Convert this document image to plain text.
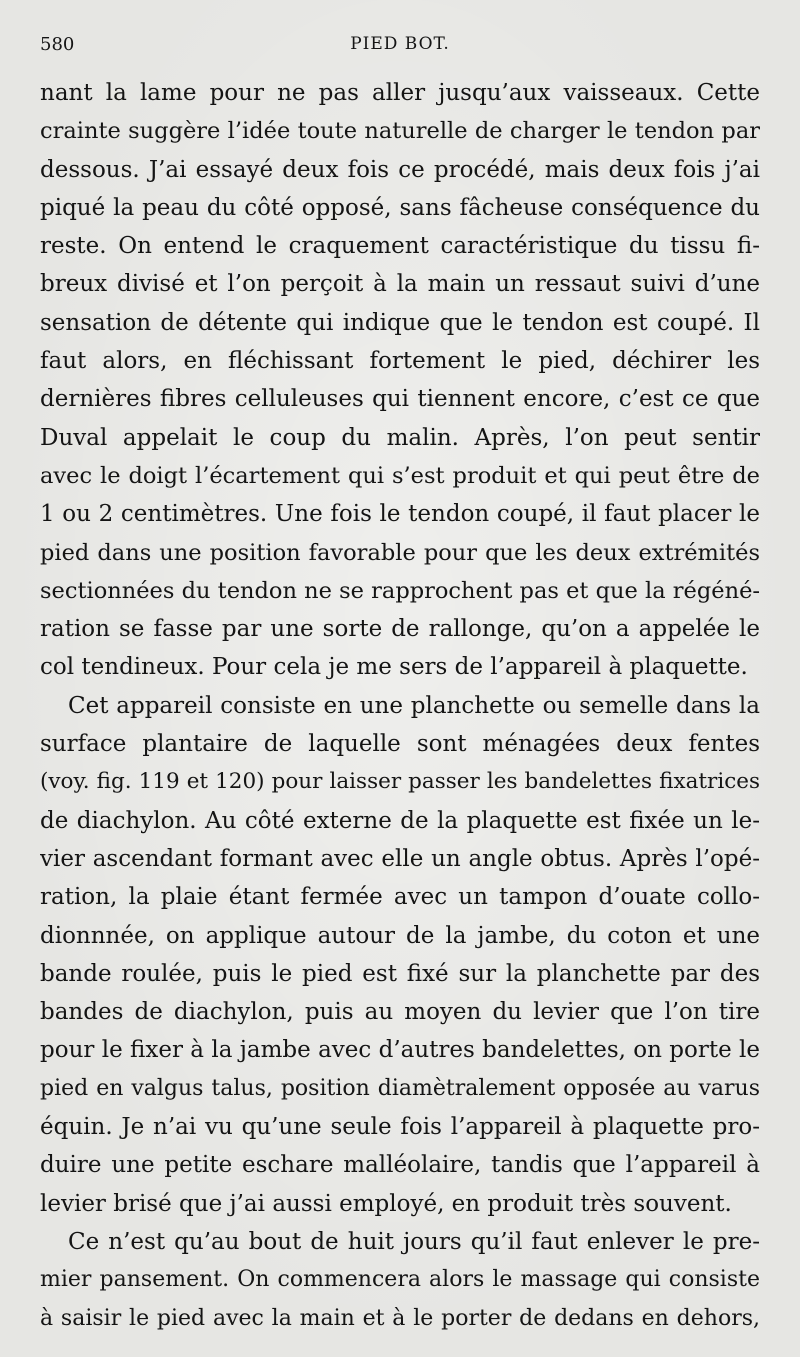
580	PIED BOT.
nant la lame pour ne pas aller jusqu’aux vaisseaux. Cette
crainte suggère l’idée toute naturelle de charger le tendon par
dessous. J’ai essayé deux fois ce procédé, mais deux fois j’ai
piqué la peau du côté opposé, sans fâcheuse conséquence du
reste. On entend le craquement caractéristique du tissu fi-
breux divisé et l’on perçoit à la main un ressaut suivi d’une
sensation de détente qui indique que le tendon est coupé. Il
faut alors, en fléchissant fortement le pied, déchirer les
dernières fibres celluleuses qui tiennent encore, c’est ce que
Duval appelait le coup du malin. Après, l’on peut sentir
avec le doigt l’écartement qui s’est produit et qui peut être de
1 ou 2 centimètres. Une fois le tendon coupé, il faut placer le
pied dans une position favorable pour que les deux extrémités
sectionnées du tendon ne se rapprochent pas et que la régéné-
ration se fasse par une sorte de rallonge, qu’on a appelée le
col tendineux. Pour cela je me sers de l’appareil à plaquette.
Cet appareil consiste en une planchette ou semelle dans la
surface plantaire de laquelle sont ménagées deux fentes
(voy. fig. 119 et 120) pour laisser passer les bandelettes fixatrices
de diachylon. Au côté externe de la plaquette est fixée un le-
vier ascendant formant avec elle un angle obtus. Après l’opé-
ration, la plaie étant fermée avec un tampon d’ouate collo-
dionnnée, on applique autour de la jambe, du coton et une
bande roulée, puis le pied est fixé sur la planchette par des
bandes de diachylon, puis au moyen du levier que l’on tire
pour le fixer à la jambe avec d’autres bandelettes, on porte le
pied en valgus talus, position diamètralement opposée au varus
équin. Je n’ai vu qu’une seule fois l’appareil à plaquette pro-
duire une petite eschare malléolaire, tandis que l’appareil à
levier brisé que j’ai aussi employé, en produit très souvent.
Ce n’est qu’au bout de huit jours qu’il faut enlever le pre-
mier pansement. On commencera alors le massage qui consiste
à saisir le pied avec la main et à le porter de dedans en dehors,
